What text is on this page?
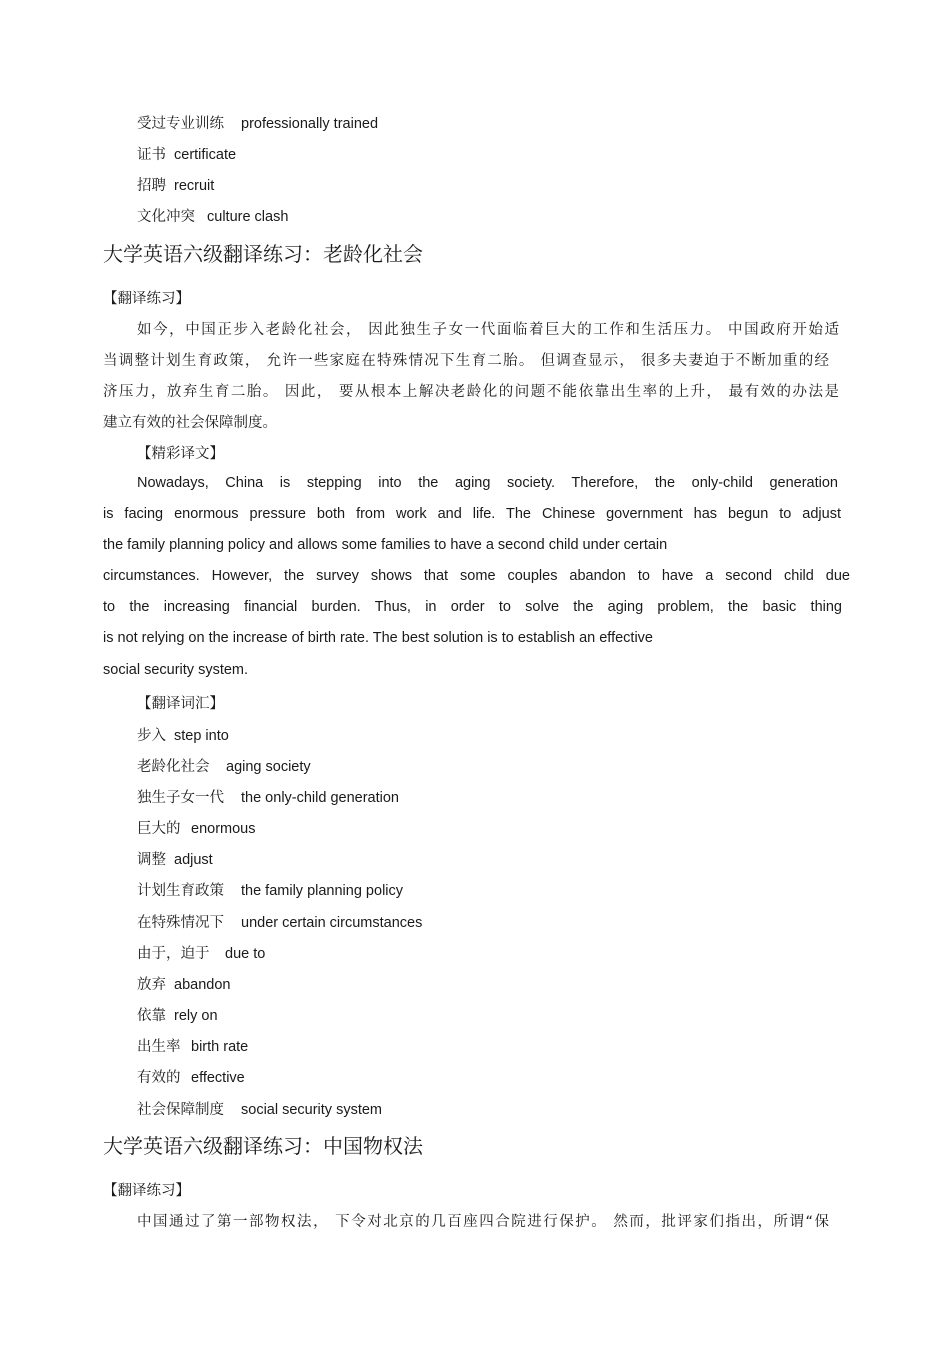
受过专业训练 professionally trained
证书 certificate
招聘 recruit
文化冲突 culture clash
大学英语六级翻译练习：老龄化社会
【翻译练习】
如今，中国正步入老龄化社会， 因此独生子女一代面临着巨大的工作和生活压力。 中国政府开始适
当调整计划生育政策， 允许一些家庭在特殊情况下生育二胎。 但调查显示， 很多夫妻迫于不断加重的经
济压力，放弃生育二胎。 因此， 要从根本上解决老龄化的问题不能依靠出生率的上升， 最有效的办法是
建立有效的社会保障制度。
【精彩译文】
Nowadays, China is stepping into the aging society. Therefore, the only-child generation
is facing enormous pressure both from work and life. The Chinese government has begun to adjust
the family planning policy and allows some families to have a second child under certain
circumstances. However, the survey shows that some couples abandon to have a second child due
to the increasing financial burden. Thus, in order to solve the aging problem, the basic thing
is not relying on the increase of birth rate. The best solution is to establish an effective
social security system.
【翻译词汇】
步入 step into
老龄化社会 aging society
独生子女一代 the only-child generation
巨大的 enormous
调整 adjust
计划生育政策 the family planning policy
在特殊情况下 under certain circumstances
由于，迫于 due to
放弃 abandon
依靠 rely on
出生率 birth rate
有效的 effective
社会保障制度 social security system
大学英语六级翻译练习：中国物权法
【翻译练习】
中国通过了第一部物权法， 下令对北京的几百座四合院进行保护。 然而，批评家们指出，所谓“保
